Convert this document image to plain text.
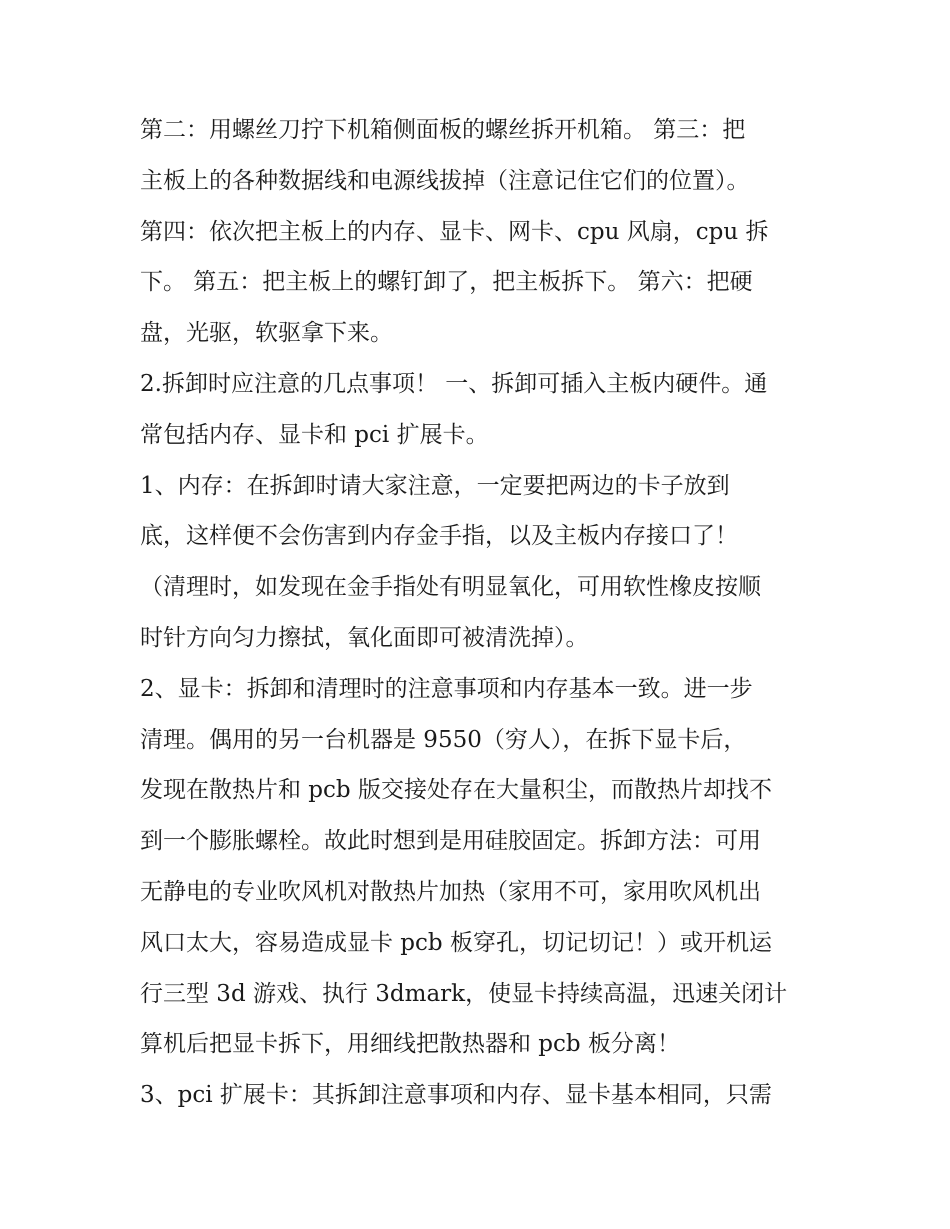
第二：用螺丝刀拧下机箱侧面板的螺丝拆开机箱。 第三：把
主板上的各种数据线和电源线拔掉（注意记住它们的位置）。
第四：依次把主板上的内存、显卡、网卡、cpu 风扇，cpu 拆
下。 第五：把主板上的螺钉卸了，把主板拆下。 第六：把硬
盘，光驱，软驱拿下来。
2.拆卸时应注意的几点事项！ 一、拆卸可插入主板内硬件。通
常包括内存、显卡和 pci 扩展卡。
1、内存：在拆卸时请大家注意，一定要把两边的卡子放到
底，这样便不会伤害到内存金手指，以及主板内存接口了！
（清理时，如发现在金手指处有明显氧化，可用软性橡皮按顺
时针方向匀力擦拭，氧化面即可被清洗掉）。
2、显卡：拆卸和清理时的注意事项和内存基本一致。进一步
清理。偶用的另一台机器是 9550（穷人），在拆下显卡后，
发现在散热片和 pcb 版交接处存在大量积尘，而散热片却找不
到一个膨胀螺栓。故此时想到是用硅胶固定。拆卸方法：可用
无静电的专业吹风机对散热片加热（家用不可，家用吹风机出
风口太大，容易造成显卡 pcb 板穿孔，切记切记！）或开机运
行三型 3d 游戏、执行 3dmark，使显卡持续高温，迅速关闭计
算机后把显卡拆下，用细线把散热器和 pcb 板分离！
3、pci 扩展卡：其拆卸注意事项和内存、显卡基本相同，只需
